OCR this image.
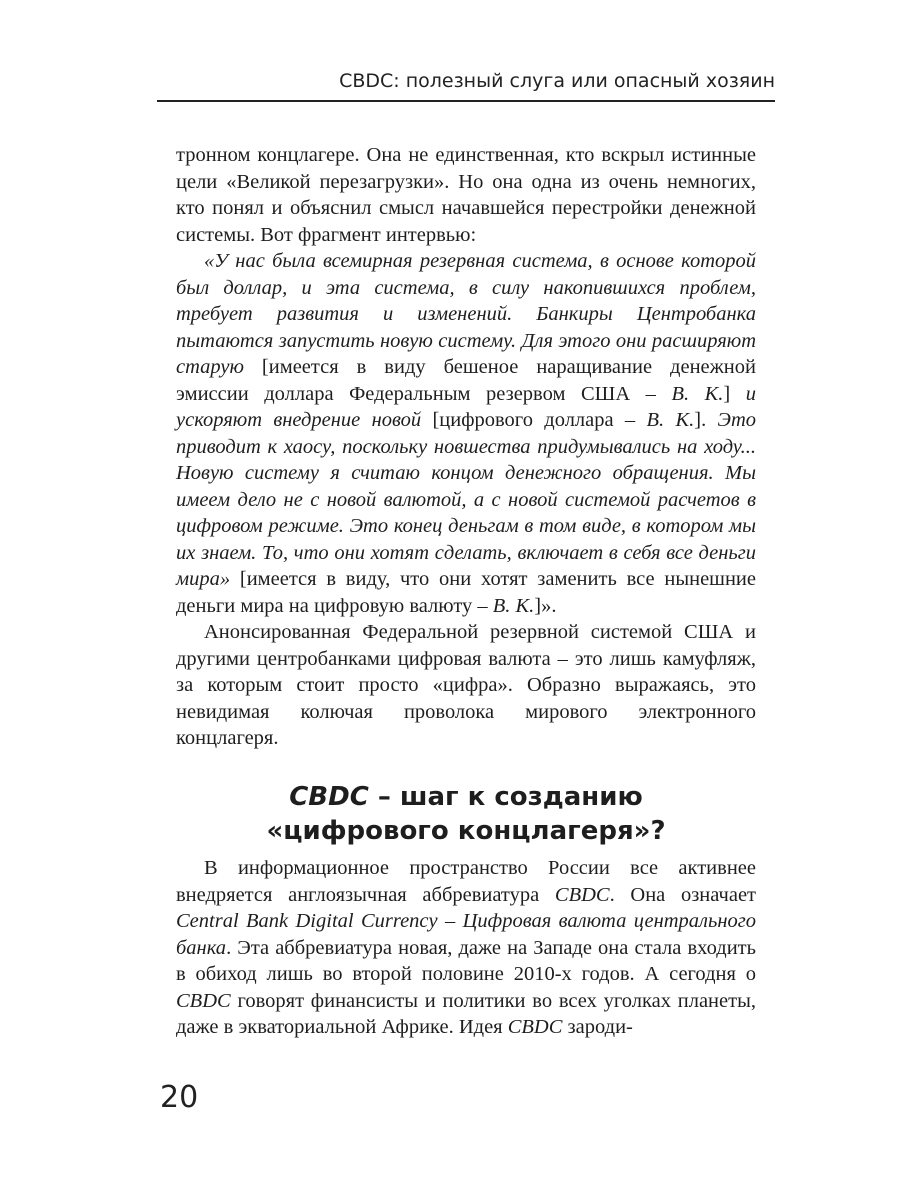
CBDC: полезный слуга или опасный хозяин

тронном концлагере. Она не единственная, кто вскрыл истинные цели «Великой перезагрузки». Но она одна из очень немногих, кто понял и объяснил смысл начавшейся перестройки денежной системы. Вот фрагмент интервью:

«У нас была всемирная резервная система, в основе которой был доллар, и эта система, в силу накопившихся проблем, требует развития и изменений. Банкиры Центробанка пытаются запустить новую систему. Для этого они расширяют старую [имеется в виду бешеное наращивание денежной эмиссии доллара Федеральным резервом США – В. К.] и ускоряют внедрение новой [цифрового доллара – В. К.]. Это приводит к хаосу, поскольку новшества придумывались на ходу... Новую систему я считаю концом денежного обращения. Мы имеем дело не с новой валютой, а с новой системой расчетов в цифровом режиме. Это конец деньгам в том виде, в котором мы их знаем. То, что они хотят сделать, включает в себя все деньги мира» [имеется в виду, что они хотят заменить все нынешние деньги мира на цифровую валюту – В. К.]».

Анонсированная Федеральной резервной системой США и другими центробанками цифровая валюта – это лишь камуфляж, за которым стоит просто «цифра». Образно выражаясь, это невидимая колючая проволока мирового электронного концлагеря.

CBDC – шаг к созданию
«цифрового концлагеря»?

В информационное пространство России все активнее внедряется англоязычная аббревиатура CBDC. Она означает Central Bank Digital Currency – Цифровая валюта центрального банка. Эта аббревиатура новая, даже на Западе она стала входить в обиход лишь во второй половине 2010-х годов. А сегодня о CBDC говорят финансисты и политики во всех уголках планеты, даже в экваториальной Африке. Идея CBDC зароди-

20
